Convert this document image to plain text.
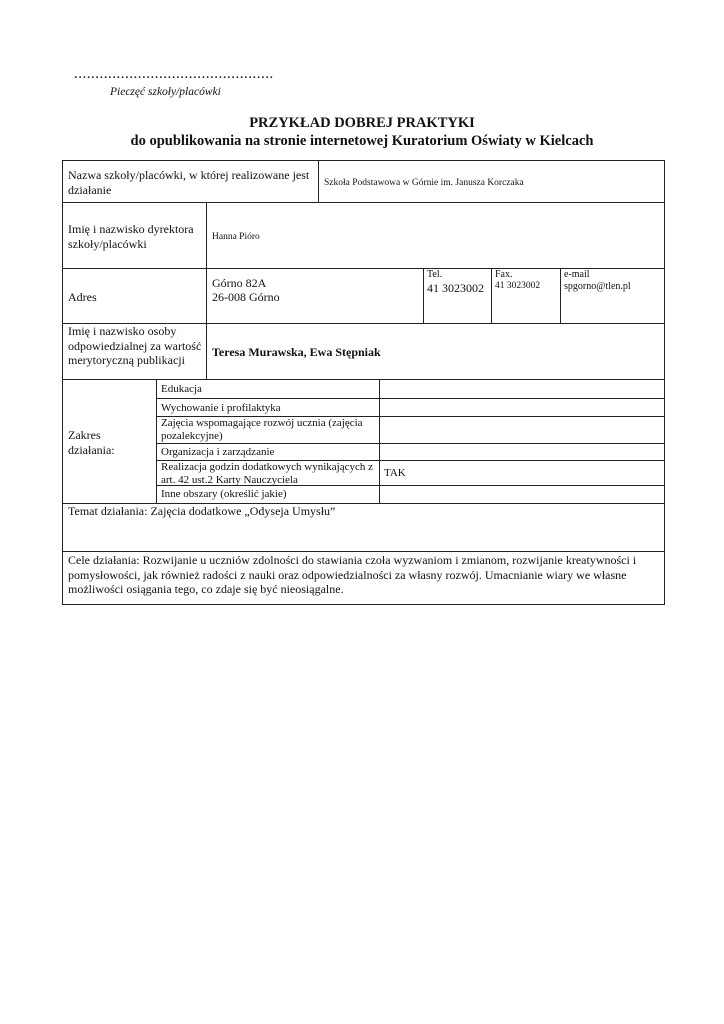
...............................................
Pieczęć szkoły/placówki
PRZYKŁAD DOBREJ PRAKTYKI
do opublikowania na stronie internetowej Kuratorium Oświaty w Kielcach
Nazwa szkoły/placówki, w której realizowane jest działanie	Szkoła Podstawowa w Górnie im. Janusza Korczaka
Imię i nazwisko dyrektora szkoły/placówki	Hanna Pióro
Adres
Górno 82A
26-008 Górno
Tel.
41 3023002
Fax.
41 3023002
e-mail
spgorno@tlen.pl
Imię i nazwisko osoby odpowiedzialnej za wartość merytoryczną publikacji
Teresa Murawska, Ewa Stępniak
Zakres działania:
Edukacja
Wychowanie i profilaktyka
Zajęcia wspomagające rozwój ucznia (zajęcia pozalekcyjne)
Organizacja i zarządzanie
Realizacja godzin dodatkowych wynikających z art. 42 ust.2 Karty Nauczyciela
Inne obszary (określić jakie)
TAK
Temat działania: Zajęcia dodatkowe „Odyseja Umysłu”
Cele działania: Rozwijanie u uczniów zdolności do stawiania czoła wyzwaniom i zmianom, rozwijanie kreatywności i pomysłowości, jak również radości z nauki oraz odpowiedzialności za własny rozwój. Umacnianie wiary we własne możliwości osiągania tego, co zdaje się być nieosiągalne.
